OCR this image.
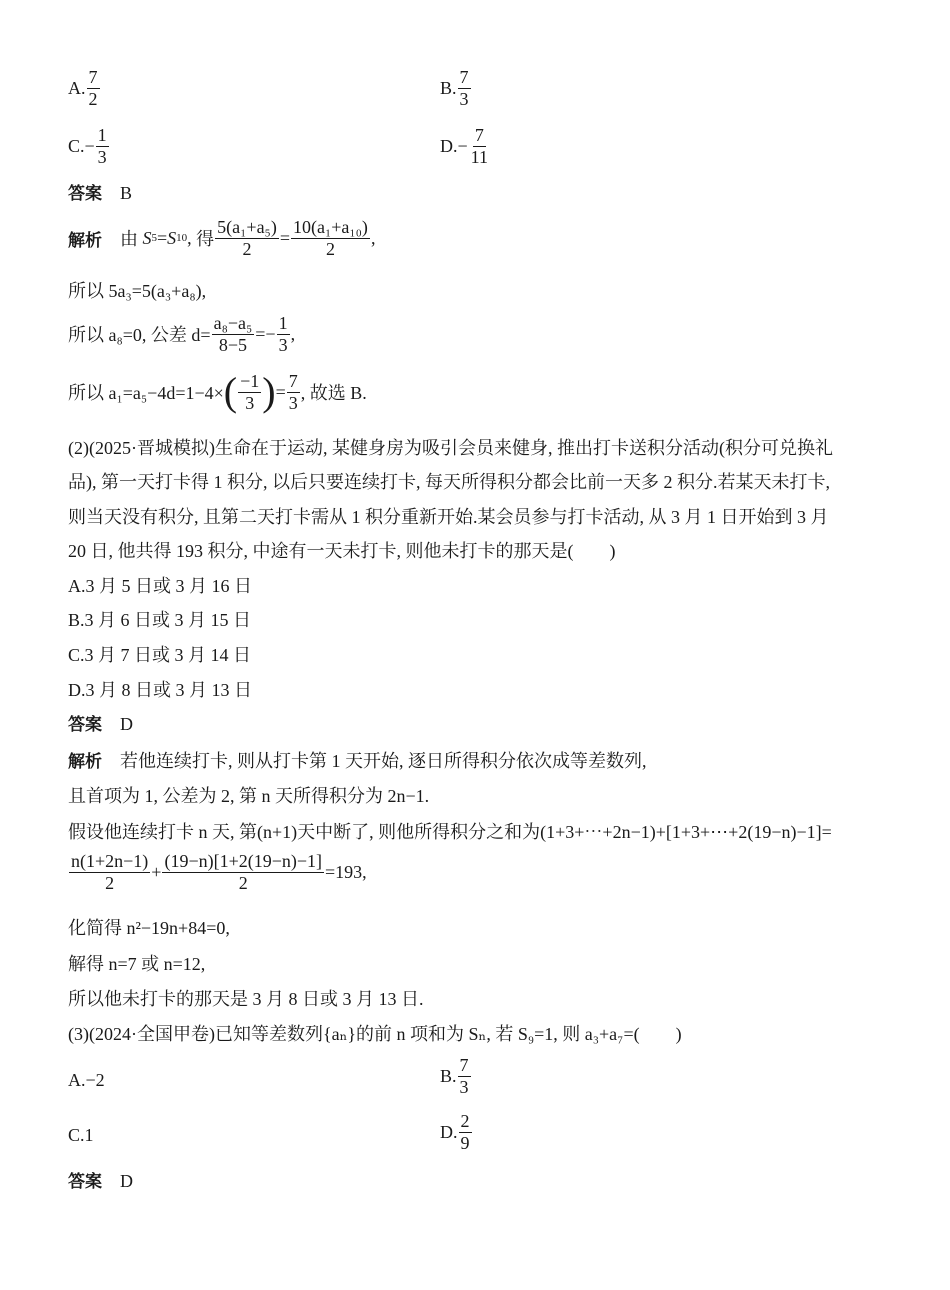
A. $\frac{7}{2}$	B. $\frac{7}{3}$
C. − $\frac{1}{3}$	D. − $\frac{7}{11}$
答案 B
解析 由
S 5 = S 10 , 得 $\frac{\text{5(a₁+a₅)}}{2} = \frac{\text{10(a₁+a₁₀)}}{2}$ ,
所以 5a₃=5(a₃+a₈),
所以 a₈=0, 公差 $d= \frac{\text{a₈−a₅}}{8-5} =- \frac{1}{3}$ ,
所以 a₁=a₅−4d=1−4× ( $\frac{-1}{3}$ ) = $\frac{7}{3}$ , 故选 B.
(2)(2025·晋城模拟)生命在于运动, 某健身房为吸引会员来健身, 推出打卡送积分活动(积分可兑换礼
品), 第一天打卡得 1 积分, 以后只要连续打卡, 每天所得积分都会比前一天多 2 积分.若某天未打卡,
则当天没有积分, 且第二天打卡需从 1 积分重新开始.某会员参与打卡活动, 从 3 月 1 日开始到 3 月
20 日, 他共得 193 积分, 中途有一天未打卡, 则他未打卡的那天是(　　)
A.3 月 5 日或 3 月 16 日
B.3 月 6 日或 3 月 15 日
C.3 月 7 日或 3 月 14 日
D.3 月 8 日或 3 月 13 日
答案 D
解析 若他连续打卡, 则从打卡第 1 天开始, 逐日所得积分依次成等差数列,
且首项为 1, 公差为 2, 第 n 天所得积分为 2n−1.
假设他连续打卡 n 天, 第(n+1)天中断了, 则他所得积分之和为(1+3+⋯+2n−1)+[1+3+⋯+2(19−n)−1]=
$\frac{n(1+2n-1)}{2} + \frac{(19-n)[1+2(19-n)-1]}{2} =193$,
化简得 n²−19n+84=0,
解得 n=7 或 n=12,
所以他未打卡的那天是 3 月 8 日或 3 月 13 日.
(3)(2024·全国甲卷)已知等差数列{aₙ}的前 n 项和为 Sₙ, 若 S₉=1, 则 a₃+a₇=(　　)
A. −2	B. $\frac{7}{3}$
C. 1	D. $\frac{2}{9}$
答案 D
